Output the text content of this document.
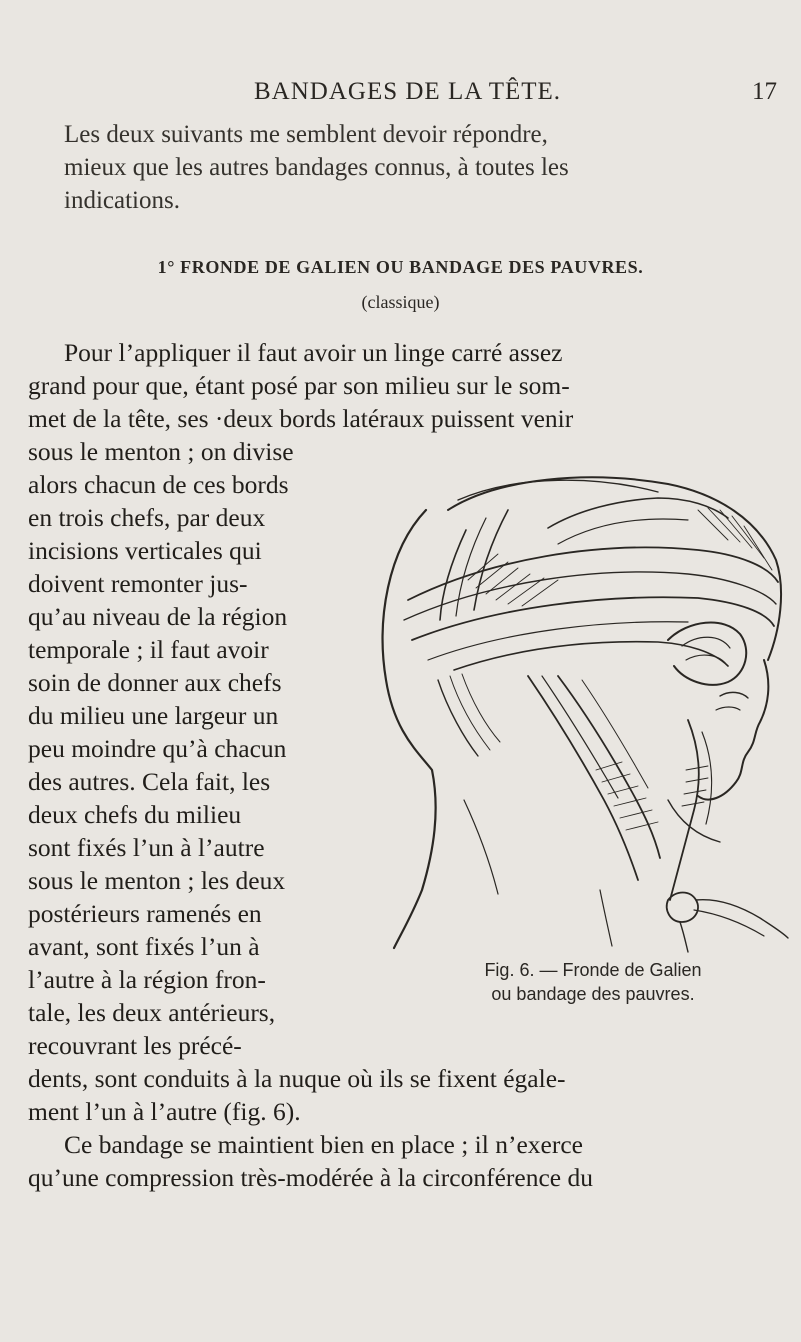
BANDAGES DE LA TÊTE.	17
Les deux suivants me semblent devoir répondre,
mieux que les autres bandages connus, à toutes les
indications.
1° FRONDE DE GALIEN OU BANDAGE DES PAUVRES.
(classique)
Pour l’appliquer il faut avoir un linge carré assez
grand pour que, étant posé par son milieu sur le som-
met de la tête, ses ·deux bords latéraux puissent venir
sous le menton ; on divise
alors chacun de ces bords
en trois chefs, par deux
incisions verticales qui
doivent remonter jus-
qu’au niveau de la région
temporale ; il faut avoir
soin de donner aux chefs
du milieu une largeur un
peu moindre qu’à chacun
des autres. Cela fait, les
deux chefs du milieu
sont fixés l’un à l’autre
sous le menton ; les deux
postérieurs ramenés en
avant, sont fixés l’un à
l’autre à la région fron-
tale, les deux antérieurs,
recouvrant les précé-
dents, sont conduits à la nuque où ils se fixent égale-
ment l’un à l’autre (fig. 6).
Ce bandage se maintient bien en place ; il n’exerce
qu’une compression très-modérée à la circonférence du
Fig. 6. — Fronde de Galien
ou bandage des pauvres.
